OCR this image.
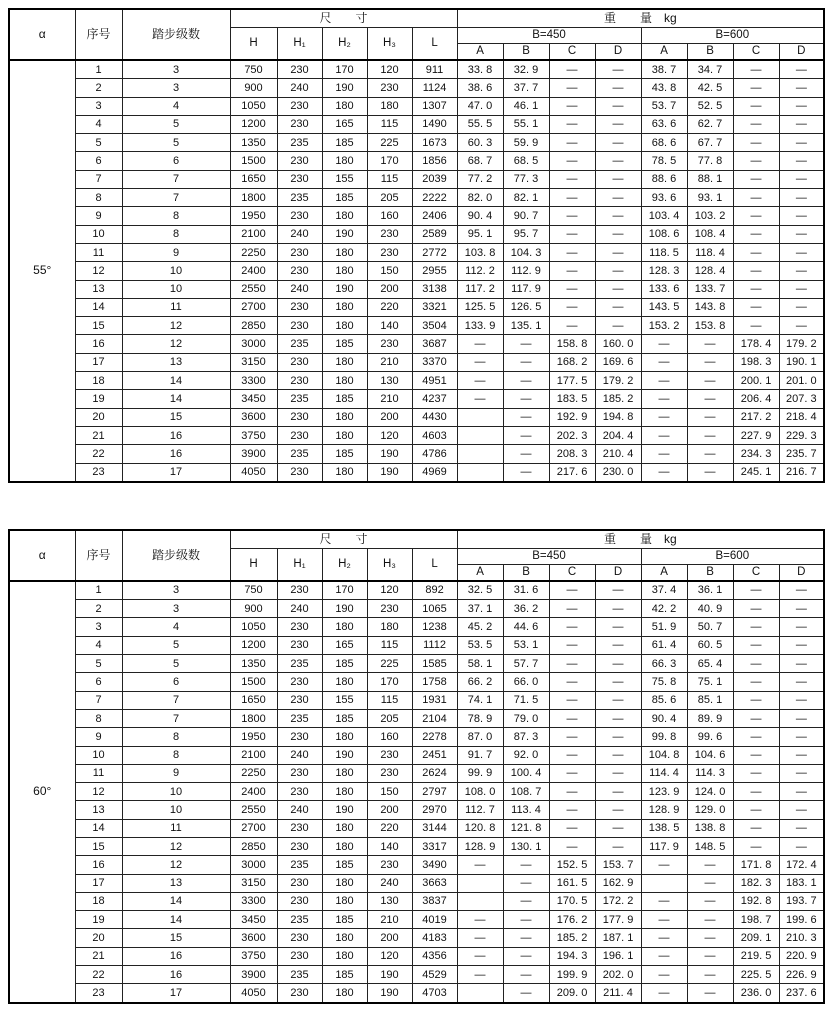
α	序号	踏步级数	尺　　寸					重　　量　kg							
			H	H₁	H₂	H₃	L	B=450				B=600			
								A	B	C	D	A	B	C	D
55°	1	3	750	230	170	120	911	33. 8	32. 9	—	—	38. 7	34. 7	—	—
	2	3	900	240	190	230	1124	38. 6	37. 7	—	—	43. 8	42. 5	—	—
	3	4	1050	230	180	180	1307	47. 0	46. 1	—	—	53. 7	52. 5	—	—
	4	5	1200	230	165	115	1490	55. 5	55. 1	—	—	63. 6	62. 7	—	—
	5	5	1350	235	185	225	1673	60. 3	59. 9	—	—	68. 6	67. 7	—	—
	6	6	1500	230	180	170	1856	68. 7	68. 5	—	—	78. 5	77. 8	—	—
	7	7	1650	230	155	115	2039	77. 2	77. 3	—	—	88. 6	88. 1	—	—
	8	7	1800	235	185	205	2222	82. 0	82. 1	—	—	93. 6	93. 1	—	—
	9	8	1950	230	180	160	2406	90. 4	90. 7	—	—	103. 4	103. 2	—	—
	10	8	2100	240	190	230	2589	95. 1	95. 7	—	—	108. 6	108. 4	—	—
	11	9	2250	230	180	230	2772	103. 8	104. 3	—	—	118. 5	118. 4	—	—
	12	10	2400	230	180	150	2955	112. 2	112. 9	—	—	128. 3	128. 4	—	—
	13	10	2550	240	190	200	3138	117. 2	117. 9	—	—	133. 6	133. 7	—	—
	14	11	2700	230	180	220	3321	125. 5	126. 5	—	—	143. 5	143. 8	—	—
	15	12	2850	230	180	140	3504	133. 9	135. 1	—	—	153. 2	153. 8	—	—
	16	12	3000	235	185	230	3687	—	—	158. 8	160. 0	—	—	178. 4	179. 2
	17	13	3150	230	180	210	3370	—	—	168. 2	169. 6	—	—	198. 3	190. 1
	18	14	3300	230	180	130	4951	—	—	177. 5	179. 2	—	—	200. 1	201. 0
	19	14	3450	235	185	210	4237	—	—	183. 5	185. 2	—	—	206. 4	207. 3
	20	15	3600	230	180	200	4430		—	192. 9	194. 8	—	—	217. 2	218. 4
	21	16	3750	230	180	120	4603		—	202. 3	204. 4	—	—	227. 9	229. 3
	22	16	3900	235	185	190	4786		—	208. 3	210. 4	—	—	234. 3	235. 7
	23	17	4050	230	180	190	4969		—	217. 6	230. 0	—	—	245. 1	216. 7
α	序号	踏步级数	尺　　寸					重　　量　kg							
			H	H₁	H₂	H₃	L	B=450				B=600			
								A	B	C	D	A	B	C	D
60°	1	3	750	230	170	120	892	32. 5	31. 6	—	—	37. 4	36. 1	—	—
	2	3	900	240	190	230	1065	37. 1	36. 2	—	—	42. 2	40. 9	—	—
	3	4	1050	230	180	180	1238	45. 2	44. 6	—	—	51. 9	50. 7	—	—
	4	5	1200	230	165	115	1112	53. 5	53. 1	—	—	61. 4	60. 5	—	—
	5	5	1350	235	185	225	1585	58. 1	57. 7	—	—	66. 3	65. 4	—	—
	6	6	1500	230	180	170	1758	66. 2	66. 0	—	—	75. 8	75. 1	—	—
	7	7	1650	230	155	115	1931	74. 1	71. 5	—	—	85. 6	85. 1	—	—
	8	7	1800	235	185	205	2104	78. 9	79. 0	—	—	90. 4	89. 9	—	—
	9	8	1950	230	180	160	2278	87. 0	87. 3	—	—	99. 8	99. 6	—	—
	10	8	2100	240	190	230	2451	91. 7	92. 0	—	—	104. 8	104. 6	—	—
	11	9	2250	230	180	230	2624	99. 9	100. 4	—	—	114. 4	114. 3	—	—
	12	10	2400	230	180	150	2797	108. 0	108. 7	—	—	123. 9	124. 0	—	—
	13	10	2550	240	190	200	2970	112. 7	113. 4	—	—	128. 9	129. 0	—	—
	14	11	2700	230	180	220	3144	120. 8	121. 8	—	—	138. 5	138. 8	—	—
	15	12	2850	230	180	140	3317	128. 9	130. 1	—	—	117. 9	148. 5	—	—
	16	12	3000	235	185	230	3490	—	—	152. 5	153. 7	—	—	171. 8	172. 4
	17	13	3150	230	180	240	3663		—	161. 5	162. 9		—	182. 3	183. 1
	18	14	3300	230	180	130	3837		—	170. 5	172. 2	—	—	192. 8	193. 7
	19	14	3450	235	185	210	4019	—	—	176. 2	177. 9	—	—	198. 7	199. 6
	20	15	3600	230	180	200	4183	—	—	185. 2	187. 1	—	—	209. 1	210. 3
	21	16	3750	230	180	120	4356	—	—	194. 3	196. 1	—	—	219. 5	220. 9
	22	16	3900	235	185	190	4529	—	—	199. 9	202. 0	—	—	225. 5	226. 9
	23	17	4050	230	180	190	4703		—	209. 0	211. 4	—	—	236. 0	237. 6
